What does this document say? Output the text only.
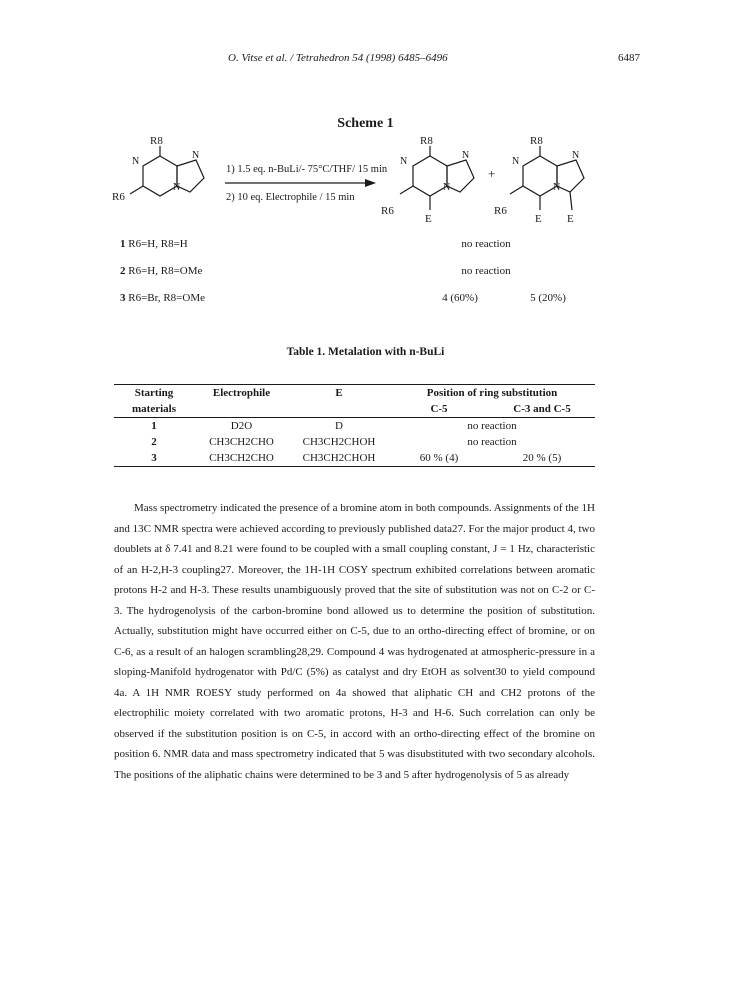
O. Vitse et al. / Tetrahedron 54 (1998) 6485–6496	6487
Scheme 1
R8
N
N
N
R6
1) 1.5 eq. n-BuLi/- 75°C/THF/ 15 min
2) 10 eq. Electrophile / 15 min
R8
N
N
N
R6
E
+
R8
N
N
N
R6
E E
1 R6=H, R8=H	no reaction
2 R6=H, R8=OMe	no reaction
3 R6=Br, R8=OMe	4 (60%)	5 (20%)
Table 1. Metalation with n-BuLi
Starting	Electrophile	E	Position of ring substitution	
materials			C-5	C-3 and C-5
1	D2O	D	no reaction	
2	CH3CH2CHO	CH3CH2CHOH	no reaction	
3	CH3CH2CHO	CH3CH2CHOH	60 % (4)	20 % (5)

Mass spectrometry indicated the presence of a bromine atom in both compounds. Assignments of the 1H and 13C NMR spectra were achieved according to previously published data27. For the major product 4, two doublets at δ 7.41 and 8.21 were found to be coupled with a small coupling constant, J = 1 Hz, characteristic of an H-2,H-3 coupling27. Moreover, the 1H-1H COSY spectrum exhibited correlations between aromatic protons H-2 and H-3. These results unambiguously proved that the site of substitution was not on C-2 or C-3. The hydrogenolysis of the carbon-bromine bond allowed us to determine the position of substitution. Actually, substitution might have occurred either on C-5, due to an ortho-directing effect of bromine, or on C-6, as a result of an halogen scrambling28,29. Compound 4 was hydrogenated at atmospheric-pressure in a sloping-Manifold hydrogenator with Pd/C (5%) as catalyst and dry EtOH as solvent30 to yield compound 4a. A 1H NMR ROESY study performed on 4a showed that aliphatic CH and CH2 protons of the electrophilic moiety correlated with two aromatic protons, H-3 and H-6. Such correlation can only be observed if the substitution position is on C-5, in accord with an ortho-directing effect of the bromine on position 6. NMR data and mass spectrometry indicated that 5 was disubstituted with two secondary alcohols. The positions of the aliphatic chains were determined to be 3 and 5 after hydrogenolysis of 5 as already
